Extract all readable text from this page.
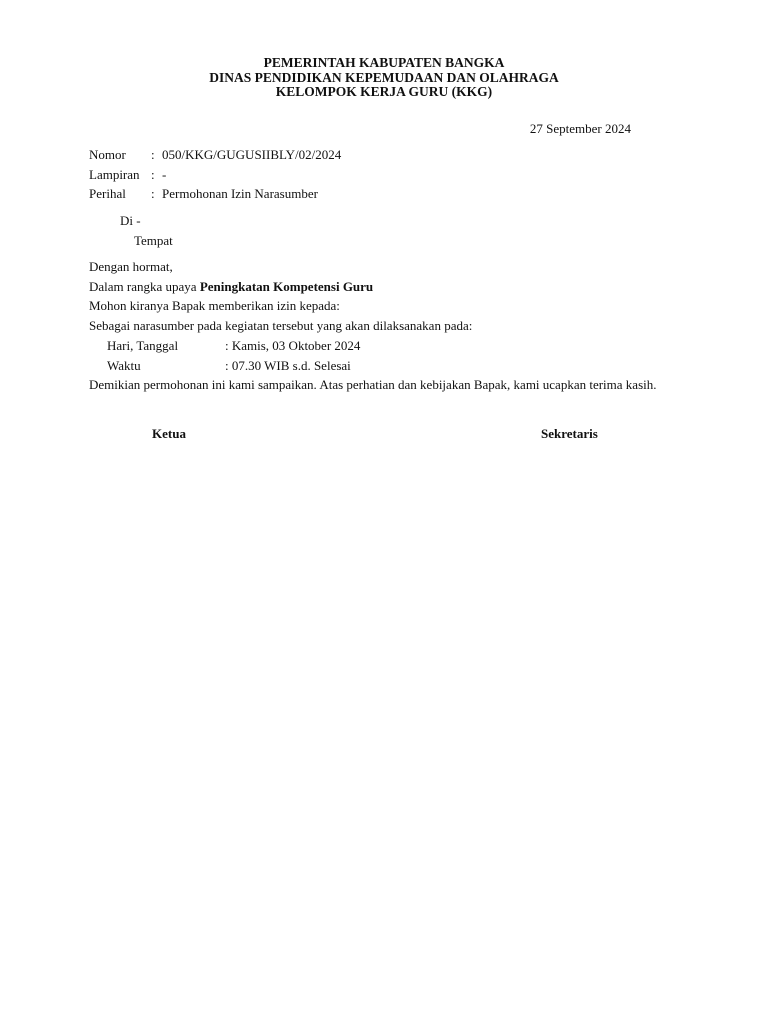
PEMERINTAH KABUPATEN BANGKA
DINAS PENDIDIKAN KEPEMUDAAN DAN OLAHRAGA
KELOMPOK KERJA GURU (KKG)
27 September 2024
Nomor	: 050/KKG/GUGUSIIBLY/02/2024
Lampiran : -
Perihal	: Permohonan Izin Narasumber
Di -
Tempat

Dengan hormat,

Dalam rangka upaya Peningkatan Kompetensi Guru

Mohon kiranya Bapak memberikan izin kepada:

Sebagai narasumber pada kegiatan tersebut yang akan dilaksanakan pada:

Hari, Tanggal	: Kamis, 03 Oktober 2024
Waktu	: 07.30 WIB s.d. Selesai

Demikian permohonan ini kami sampaikan. Atas perhatian dan kebijakan Bapak, kami ucapkan terima kasih.

Ketua	Sekretaris
